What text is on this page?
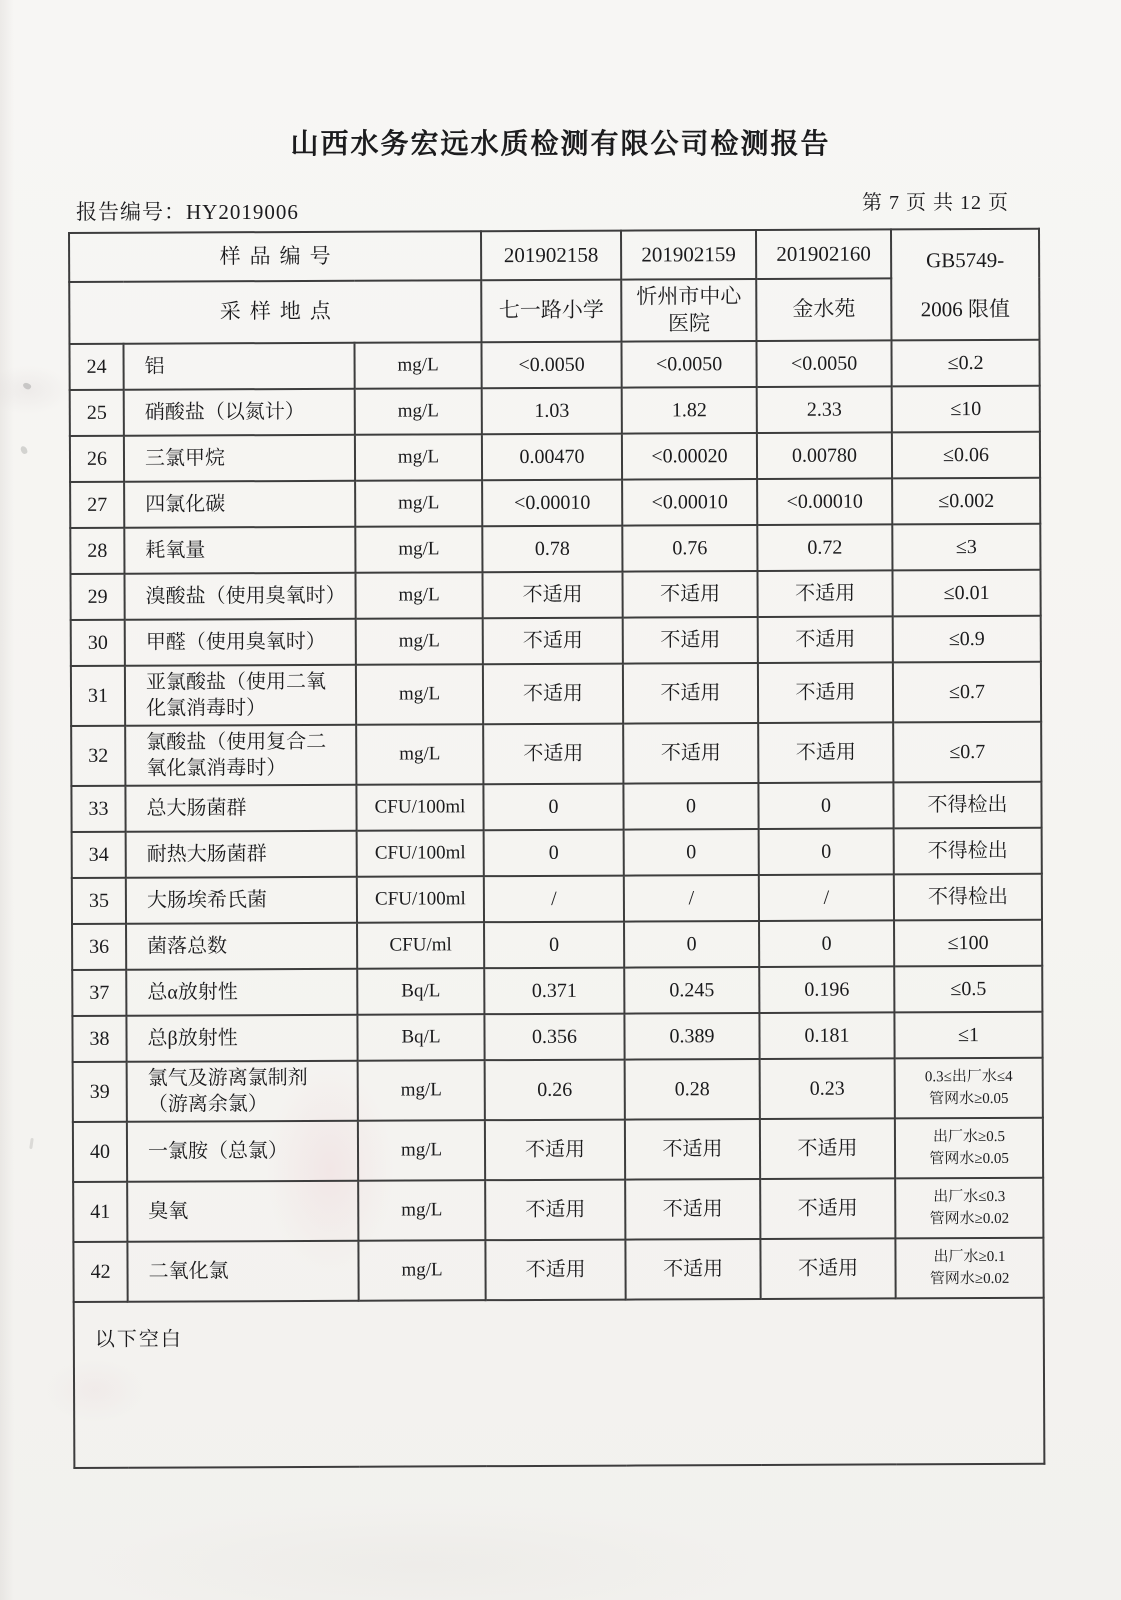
山西水务宏远水质检测有限公司检测报告
报告编号：HY2019006	第 7 页 共 12 页
样品编号			201902158	201902159	201902160	GB5749-
2006 限值
采样地点			七一路小学	忻州市中心
医院	金水苑	
24	铝	mg/L	<0.0050	<0.0050	<0.0050	≤0.2
25	硝酸盐（以氮计）	mg/L	1.03	1.82	2.33	≤10
26	三氯甲烷	mg/L	0.00470	<0.00020	0.00780	≤0.06
27	四氯化碳	mg/L	<0.00010	<0.00010	<0.00010	≤0.002
28	耗氧量	mg/L	0.78	0.76	0.72	≤3
29	溴酸盐（使用臭氧时）	mg/L	不适用	不适用	不适用	≤0.01
30	甲醛（使用臭氧时）	mg/L	不适用	不适用	不适用	≤0.9
31	亚氯酸盐（使用二氧
化氯消毒时）	mg/L	不适用	不适用	不适用	≤0.7
32	氯酸盐（使用复合二
氧化氯消毒时）	mg/L	不适用	不适用	不适用	≤0.7
33	总大肠菌群	CFU/100ml	0	0	0	不得检出
34	耐热大肠菌群	CFU/100ml	0	0	0	不得检出
35	大肠埃希氏菌	CFU/100ml	/	/	/	不得检出
36	菌落总数	CFU/ml	0	0	0	≤100
37	总α放射性	Bq/L	0.371	0.245	0.196	≤0.5
38	总β放射性	Bq/L	0.356	0.389	0.181	≤1
39	氯气及游离氯制剂
（游离余氯）	mg/L	0.26	0.28	0.23	0.3≤出厂水≤4
管网水≥0.05
40	一氯胺（总氯）	mg/L	不适用	不适用	不适用	出厂水≥0.5
管网水≥0.05
41	臭氧	mg/L	不适用	不适用	不适用	出厂水≤0.3
管网水≥0.02
42	二氧化氯	mg/L	不适用	不适用	不适用	出厂水≥0.1
管网水≥0.02
以下空白						
